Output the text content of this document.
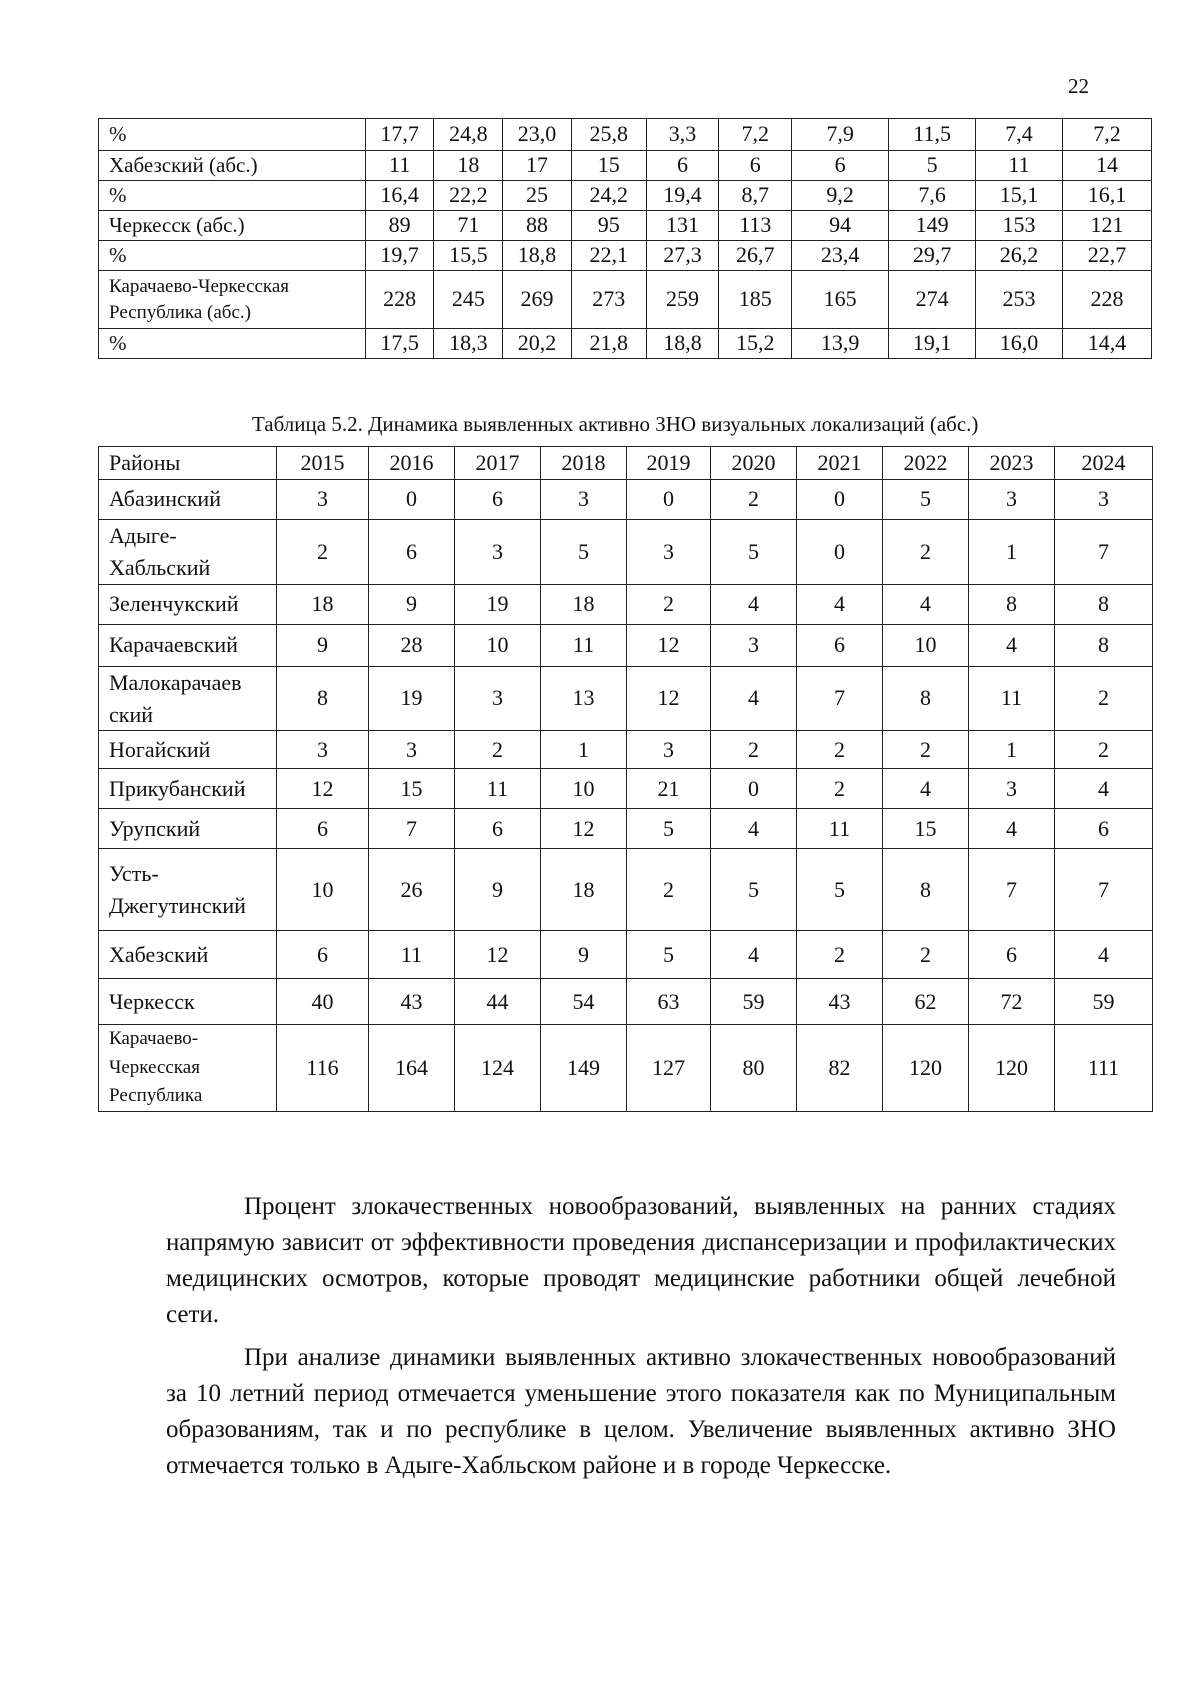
22
%	17,7	24,8	23,0	25,8	3,3	7,2	7,9	11,5	7,4	7,2
Хабезский (абс.)	11	18	17	15	6	6	6	5	11	14
%	16,4	22,2	25	24,2	19,4	8,7	9,2	7,6	15,1	16,1
Черкесск (абс.)	89	71	88	95	131	113	94	149	153	121
%	19,7	15,5	18,8	22,1	27,3	26,7	23,4	29,7	26,2	22,7

Карачаево-Черкесская
Республика (абс.)	228	245	269	273	259	185	165	274	253	228
%	17,5	18,3	20,2	21,8	18,8	15,2	13,9	19,1	16,0	14,4
Таблица 5.2. Динамика выявленных активно ЗНО визуальных локализаций (абс.)
Районы	2015	2016	2017	2018	2019	2020	2021	2022	2023	2024

Абазинский	3	0	6	3	0	2	0	5	3	3

Адыге-
Хабльский	2	6	3	5	3	5	0	2	1	7

Зеленчукский	18	9	19	18	2	4	4	4	8	8

Карачаевский	9	28	10	11	12	3	6	10	4	8

Малокарачаев
ский	8	19	3	13	12	4	7	8	11	2

Ногайский	3	3	2	1	3	2	2	2	1	2

Прикубанский	12	15	11	10	21	0	2	4	3	4

Урупский	6	7	6	12	5	4	11	15	4	6

Усть-
Джегутинский	10	26	9	18	2	5	5	8	7	7

Хабезский	6	11	12	9	5	4	2	2	6	4

Черкесск	40	43	44	54	63	59	43	62	72	59

Карачаево-
Черкесская
Республика	116	164	124	149	127	80	82	120	120	111

Процент злокачественных новообразований, выявленных на ранних стадиях напрямую зависит от эффективности проведения диспансеризации и профилактических медицинских осмотров, которые проводят медицинские работники общей лечебной сети.

При анализе динамики выявленных активно злокачественных новообразований за 10 летний период отмечается уменьшение этого показателя как по Муниципальным образованиям, так и по республике в целом. Увеличение выявленных активно ЗНО отмечается только в Адыге-Хабльском районе и в городе Черкесске.
